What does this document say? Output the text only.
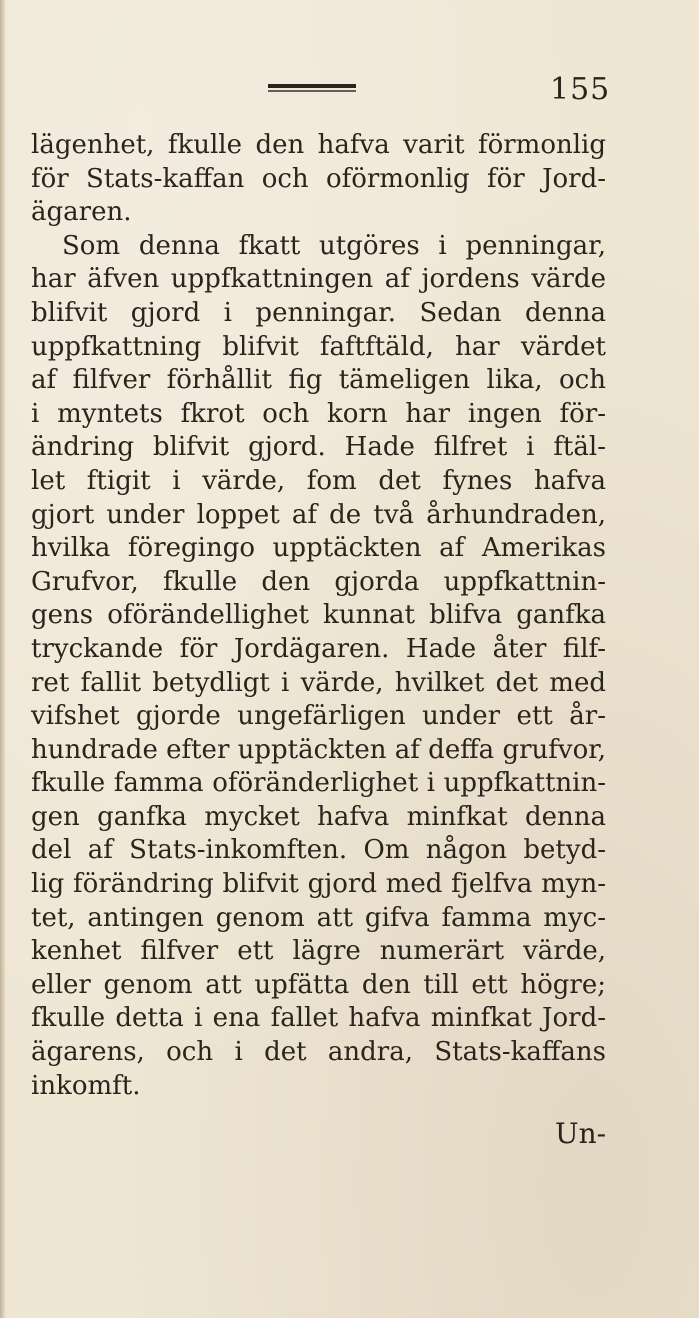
155
lägenhet, fkulle den hafva varit förmonlig
för Stats-kaffan och oförmonlig för Jord-
ägaren.
Som denna fkatt utgöres i penningar,
har äfven uppfkattningen af jordens värde
blifvit gjord i penningar. Sedan denna
uppfkattning blifvit faftftäld, har värdet
af filfver förhållit fig tämeligen lika, och
i myntets fkrot och korn har ingen för-
ändring blifvit gjord. Hade filfret i ftäl-
let ftigit i värde, fom det fynes hafva
gjort under loppet af de två århundraden,
hvilka föregingo upptäckten af Amerikas
Grufvor, fkulle den gjorda uppfkattnin-
gens oförändellighet kunnat blifva ganfka
tryckande för Jordägaren. Hade åter filf-
ret fallit betydligt i värde, hvilket det med
vifshet gjorde ungefärligen under ett år-
hundrade efter upptäckten af deffa grufvor,
fkulle famma oföränderlighet i uppfkattnin-
gen ganfka mycket hafva minfkat denna
del af Stats-inkomften. Om någon betyd-
lig förändring blifvit gjord med fjelfva myn-
tet, antingen genom att gifva famma myc-
kenhet filfver ett lägre numerärt värde,
eller genom att upfätta den till ett högre;
fkulle detta i ena fallet hafva minfkat Jord-
ägarens, och i det andra, Stats-kaffans
inkomft.
Un-
